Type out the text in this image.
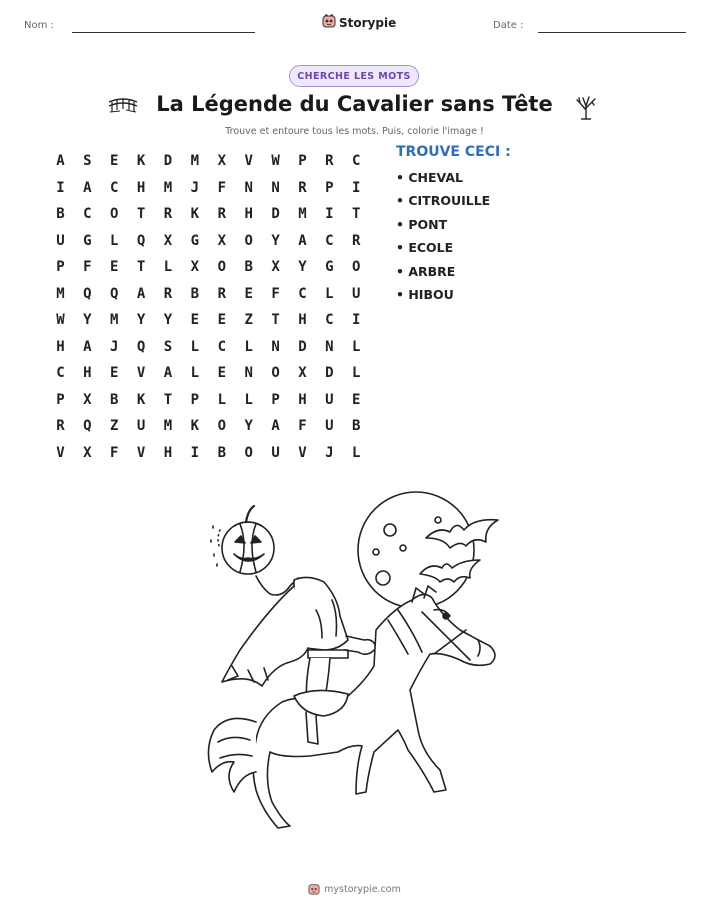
Nom :	Storypie	Date :
CHERCHE LES MOTS
La Légende du Cavalier sans Tête
Trouve et entoure tous les mots. Puis, colorie l'image !
A	S	E	K	D	M	X	V	W	P	R	C
I	A	C	H	M	J	F	N	N	R	P	I
B	C	O	T	R	K	R	H	D	M	I	T
U	G	L	Q	X	G	X	O	Y	A	C	R
P	F	E	T	L	X	O	B	X	Y	G	O
M	Q	Q	A	R	B	R	E	F	C	L	U
W	Y	M	Y	Y	E	E	Z	T	H	C	I
H	A	J	Q	S	L	C	L	N	D	N	L
C	H	E	V	A	L	E	N	O	X	D	L
P	X	B	K	T	P	L	L	P	H	U	E
R	Q	Z	U	M	K	O	Y	A	F	U	B
V	X	F	V	H	I	B	O	U	V	J	L
TROUVE CECI :
• CHEVAL
• CITROUILLE
• PONT
• ECOLE
• ARBRE
• HIBOU
mystorypie.com
